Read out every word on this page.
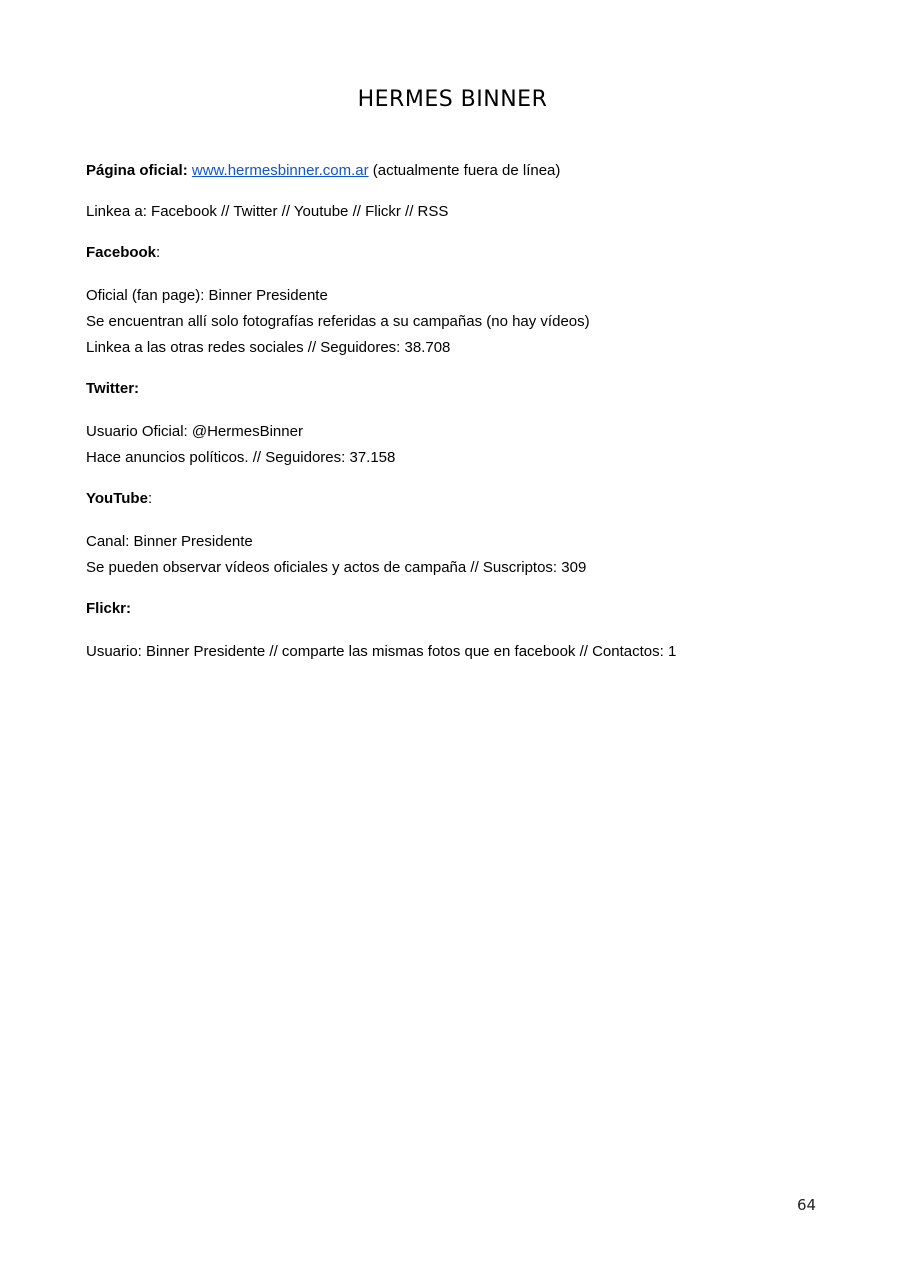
HERMES BINNER
Página oficial: www.hermesbinner.com.ar (actualmente fuera de línea)
Linkea a: Facebook // Twitter // Youtube // Flickr // RSS
Facebook:
Oficial (fan page): Binner Presidente
Se encuentran allí solo fotografías referidas a su campañas (no hay vídeos)
Linkea a las otras redes sociales // Seguidores: 38.708
Twitter:
Usuario Oficial: @HermesBinner
Hace anuncios políticos. // Seguidores: 37.158
YouTube:
Canal: Binner Presidente
Se pueden observar vídeos oficiales y actos de campaña // Suscriptos: 309
Flickr:
Usuario: Binner Presidente // comparte las mismas fotos que en facebook // Contactos: 1
64
